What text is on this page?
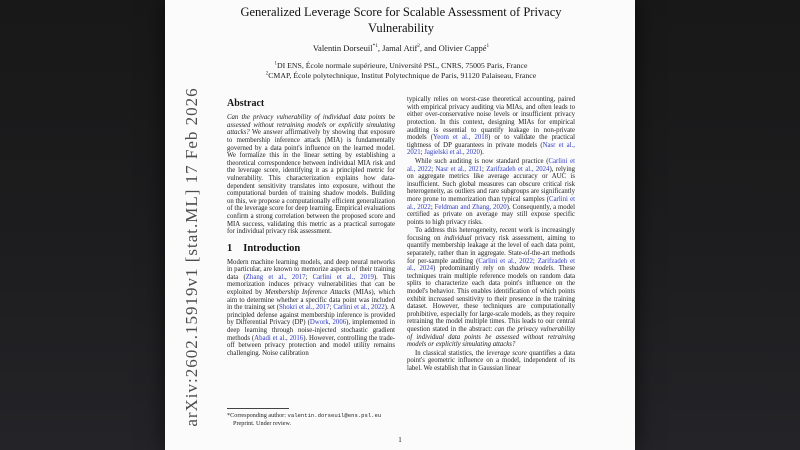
arXiv:2602.15919v1 [stat.ML] 17 Feb 2026
Generalized Leverage Score for Scalable Assessment of Privacy
Vulnerability
Valentin Dorseuil$^{*1}$, Jamal Atif$^2$, and Olivier Cappé$^1$
$^1$DI ENS, École normale supérieure, Université PSL, CNRS, 75005 Paris, France
$^2$CMAP, École polytechnique, Institut Polytechnique de Paris, 91120 Palaiseau, France
Abstract

Can the privacy vulnerability of individual data points be assessed without retraining models or explicitly simulating attacks? We answer affirmatively by showing that exposure to membership inference attack (MIA) is fundamentally governed by a data point's influence on the learned model. We formalize this in the linear setting by establishing a theoretical correspondence between individual MIA risk and the leverage score, identifying it as a principled metric for vulnerability. This characterization explains how data-dependent sensitivity translates into exposure, without the computational burden of training shadow models. Building on this, we propose a computationally efficient generalization of the leverage score for deep learning. Empirical evaluations confirm a strong correlation between the proposed score and MIA success, validating this metric as a practical surrogate for individual privacy risk assessment.

1 Introduction

Modern machine learning models, and deep neural networks in particular, are known to memorize aspects of their training data (Zhang et al., 2017; Carlini et al., 2019). This memorization induces privacy vulnerabilities that can be exploited by Membership Inference Attacks (MIAs), which aim to determine whether a specific data point was included in the training set (Shokri et al., 2017; Carlini et al., 2022). A principled defense against membership inference is provided by Differential Privacy (DP) (Dwork, 2006), implemented in deep learning through noise-injected stochastic gradient methods (Abadi et al., 2016). However, controlling the trade-off between privacy protection and model utility remains challenging. Noise calibration

*Corresponding author: valentin.dorseuil@ens.psl.eu

Preprint. Under review.

typically relies on worst-case theoretical accounting, paired with empirical privacy auditing via MIAs, and often leads to either over-conservative noise levels or insufficient privacy protection. In this context, designing MIAs for empirical auditing is essential to quantify leakage in non-private models (Yeom et al., 2018) or to validate the practical tightness of DP guarantees in private models (Nasr et al., 2021; Jagielski et al., 2020).

While such auditing is now standard practice (Carlini et al., 2022; Nasr et al., 2021; Zarifzadeh et al., 2024), relying on aggregate metrics like average accuracy or AUC is insufficient. Such global measures can obscure critical risk heterogeneity, as outliers and rare subgroups are significantly more prone to memorization than typical samples (Carlini et al., 2022; Feldman and Zhang, 2020). Consequently, a model certified as private on average may still expose specific points to high privacy risks.

To address this heterogeneity, recent work is increasingly focusing on individual privacy risk assessment, aiming to quantify membership leakage at the level of each data point, separately, rather than in aggregate. State-of-the-art methods for per-sample auditing (Carlini et al., 2022; Zarifzadeh et al., 2024) predominantly rely on shadow models. These techniques train multiple reference models on random data splits to characterize each data point's influence on the model's behavior. This enables identification of which points exhibit increased sensitivity to their presence in the training dataset. However, these techniques are computationally prohibitive, especially for large-scale models, as they require retraining the model multiple times. This leads to our central question stated in the abstract: can the privacy vulnerability of individual data points be assessed without retraining models or explicitly simulating attacks?

In classical statistics, the leverage score quantifies a data point's geometric influence on a model, independent of its label. We establish that in Gaussian linear

1
